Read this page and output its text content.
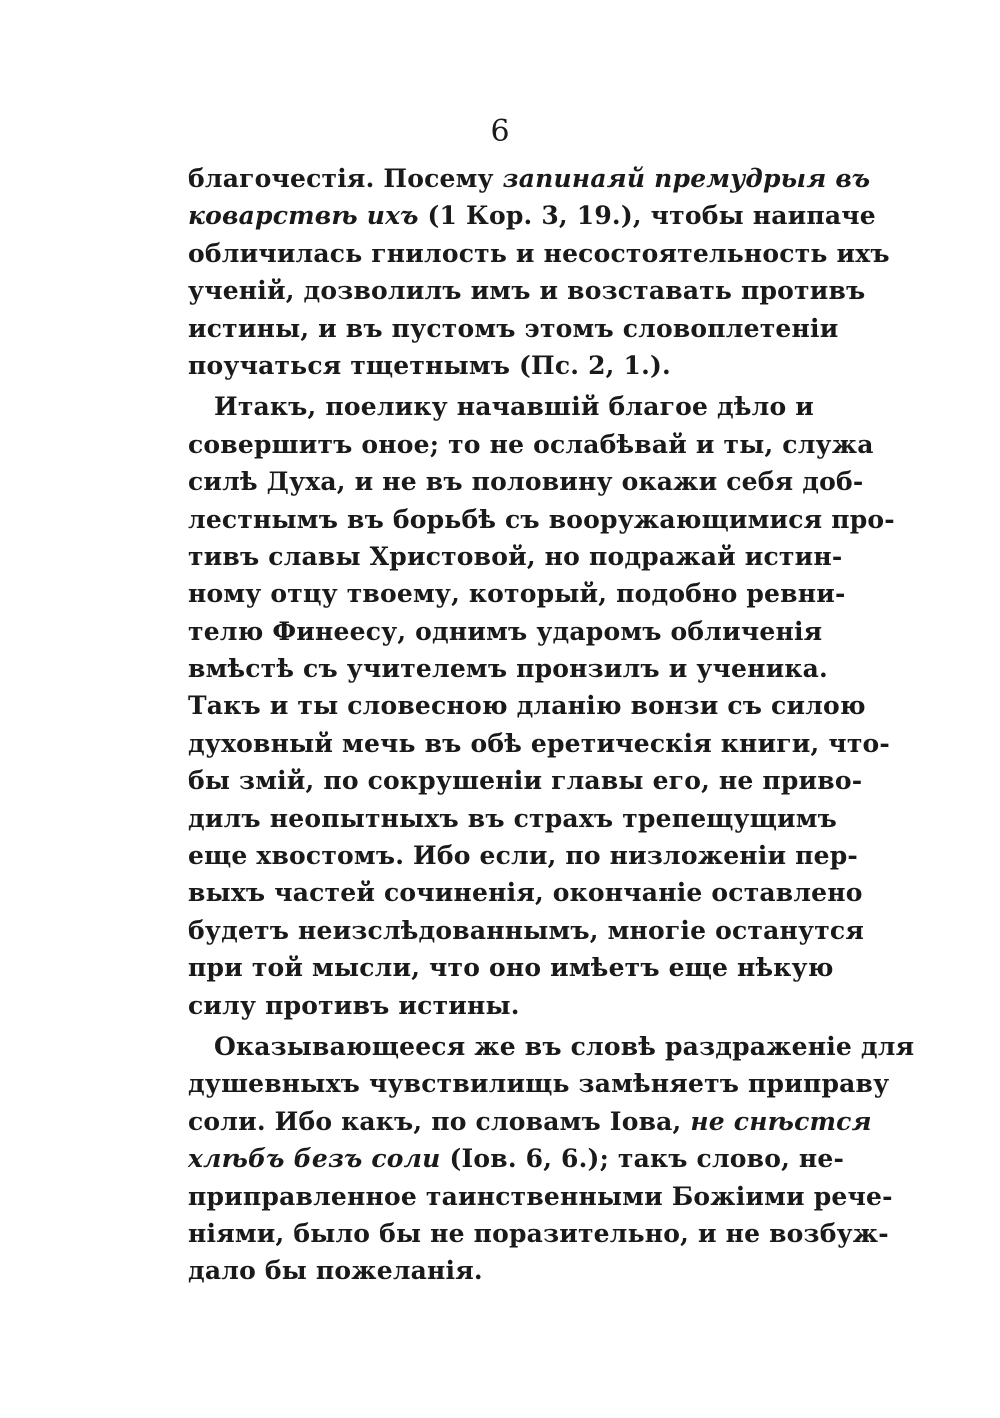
6
благочестія. Посему запинаяй премудрыя въ
коварствѣ ихъ (1 Кор. 3, 19.), чтобы наипаче
обличилась гнилость и несостоятельность ихъ
ученій, дозволилъ имъ и возставать противъ
истины, и въ пустомъ этомъ словоплетеніи
поучаться тщетнымъ (Пс. 2, 1.).
Итакъ, поелику начавшій благое дѣло и
совершитъ оное; то не ослабѣвай и ты, служа
силѣ Духа, и не въ половину окажи себя доб-
лестнымъ въ борьбѣ съ вооружающимися про-
тивъ славы Христовой, но подражай истин-
ному отцу твоему, который, подобно ревни-
телю Финеесу, однимъ ударомъ обличенія
вмѣстѣ съ учителемъ пронзилъ и ученика.
Такъ и ты словесною дланію вонзи съ силою
духовный мечь въ обѣ еретическія книги, что-
бы змій, по сокрушеніи главы его, не приво-
дилъ неопытныхъ въ страхъ трепещущимъ
еще хвостомъ. Ибо если, по низложеніи пер-
выхъ частей сочиненія, окончаніе оставлено
будетъ неизслѣдованнымъ, многіе останутся
при той мысли, что оно имѣетъ еще нѣкую
силу противъ истины.
Оказывающееся же въ словѣ раздраженіе для
душевныхъ чувствилищь замѣняетъ приправу
соли. Ибо какъ, по словамъ Іова, не снѣстся
хлѣбъ безъ соли (Іов. 6, 6.); такъ слово, не-
приправленное таинственными Божіими рече-
ніями, было бы не поразительно, и не возбуж-
дало бы пожеланія.
